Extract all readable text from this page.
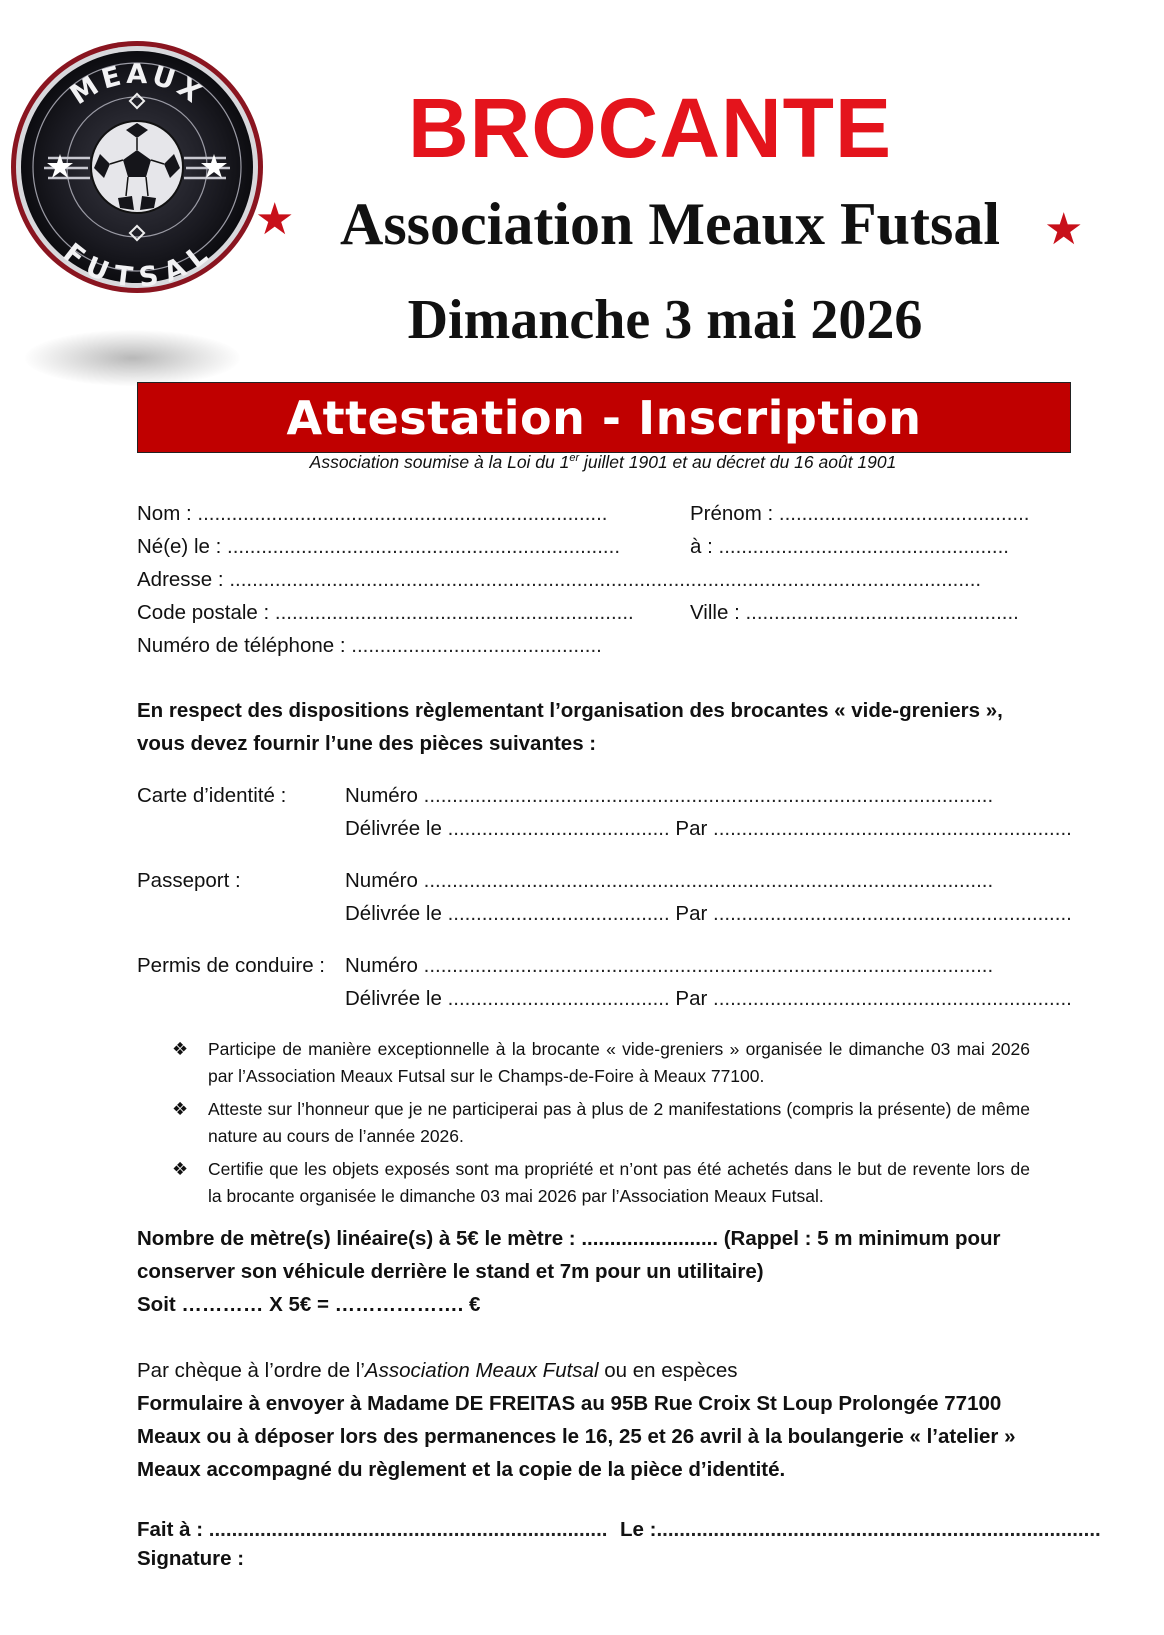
MEAUX
FUTSAL
BROCANTE
★ Association Meaux Futsal	★
Dimanche 3 mai 2026
Attestation - Inscription
Association soumise à la Loi du 1er juillet 1901 et au décret du 16 août 1901
Nom : ........................................................................	Prénom : ............................................
Né(e) le : .....................................................................	à : ...................................................
Adresse : ....................................................................................................................................
Code postale : ...............................................................	Ville : ................................................
Numéro de téléphone : ............................................
En respect des dispositions règlementant l’organisation des brocantes « vide-greniers »,
vous devez fournir l’une des pièces suivantes :
Carte d’identité :	Numéro ....................................................................................................
Délivrée le ....................................... Par ...............................................................
Passeport :	Numéro ....................................................................................................
Délivrée le ....................................... Par ...............................................................
Permis de conduire : Numéro ....................................................................................................
Délivrée le ....................................... Par ...............................................................
❖	Participe de manière exceptionnelle à la brocante « vide-greniers » organisée le dimanche 03 mai 2026 par l’Association Meaux Futsal sur le Champs-de-Foire à Meaux 77100.
❖	Atteste sur l’honneur que je ne participerai pas à plus de 2 manifestations (compris la présente) de même nature au cours de l’année 2026.
❖	Certifie que les objets exposés sont ma propriété et n’ont pas été achetés dans le but de revente lors de la brocante organisée le dimanche 03 mai 2026 par l’Association Meaux Futsal.
Nombre de mètre(s) linéaire(s) à 5€ le mètre : ........................ (Rappel : 5 m minimum pour
conserver son véhicule derrière le stand et 7m pour un utilitaire)
Soit ………… X 5€ = ………………. €
Par chèque à l’ordre de l’Association Meaux Futsal ou en espèces
Formulaire à envoyer à Madame DE FREITAS au 95B Rue Croix St Loup Prolongée 77100
Meaux ou à déposer lors des permanences le 16, 25 et 26 avril à la boulangerie « l’atelier »
Meaux accompagné du règlement et la copie de la pièce d’identité.
Fait à : ...................................................................... Le :..............................................................................
Signature :
